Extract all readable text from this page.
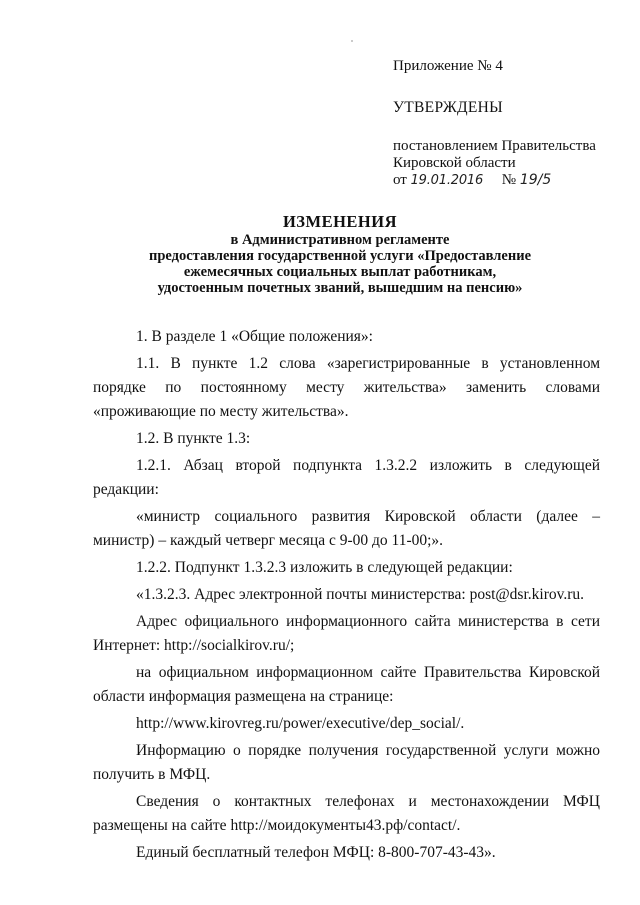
Приложение № 4
УТВЕРЖДЕНЫ
постановлением Правительства
Кировской области
от 19.01.2016 № 19/5
ИЗМЕНЕНИЯ
в Административном регламенте
предоставления государственной услуги «Предоставление
ежемесячных социальных выплат работникам,
удостоенным почетных званий, вышедшим на пенсию»

1. В разделе 1 «Общие положения»:

1.1. В пункте 1.2 слова «зарегистрированные в установленном порядке по постоянному месту жительства» заменить словами «проживающие по месту жительства».

1.2. В пункте 1.3:

1.2.1. Абзац второй подпункта 1.3.2.2 изложить в следующей редакции:

«министр социального развития Кировской области (далее – министр) – каждый четверг месяца с 9-00 до 11-00;».

1.2.2. Подпункт 1.3.2.3 изложить в следующей редакции:

«1.3.2.3. Адрес электронной почты министерства: post@dsr.kirov.ru.

Адрес официального информационного сайта министерства в сети Интернет: http://socialkirov.ru/;

на официальном информационном сайте Правительства Кировской области информация размещена на странице:

http://www.kirovreg.ru/power/executive/dep_social/.

Информацию о порядке получения государственной услуги можно получить в МФЦ.

Сведения о контактных телефонах и местонахождении МФЦ размещены на сайте http://моидокументы43.рф/contact/.

Единый бесплатный телефон МФЦ: 8-800-707-43-43».
